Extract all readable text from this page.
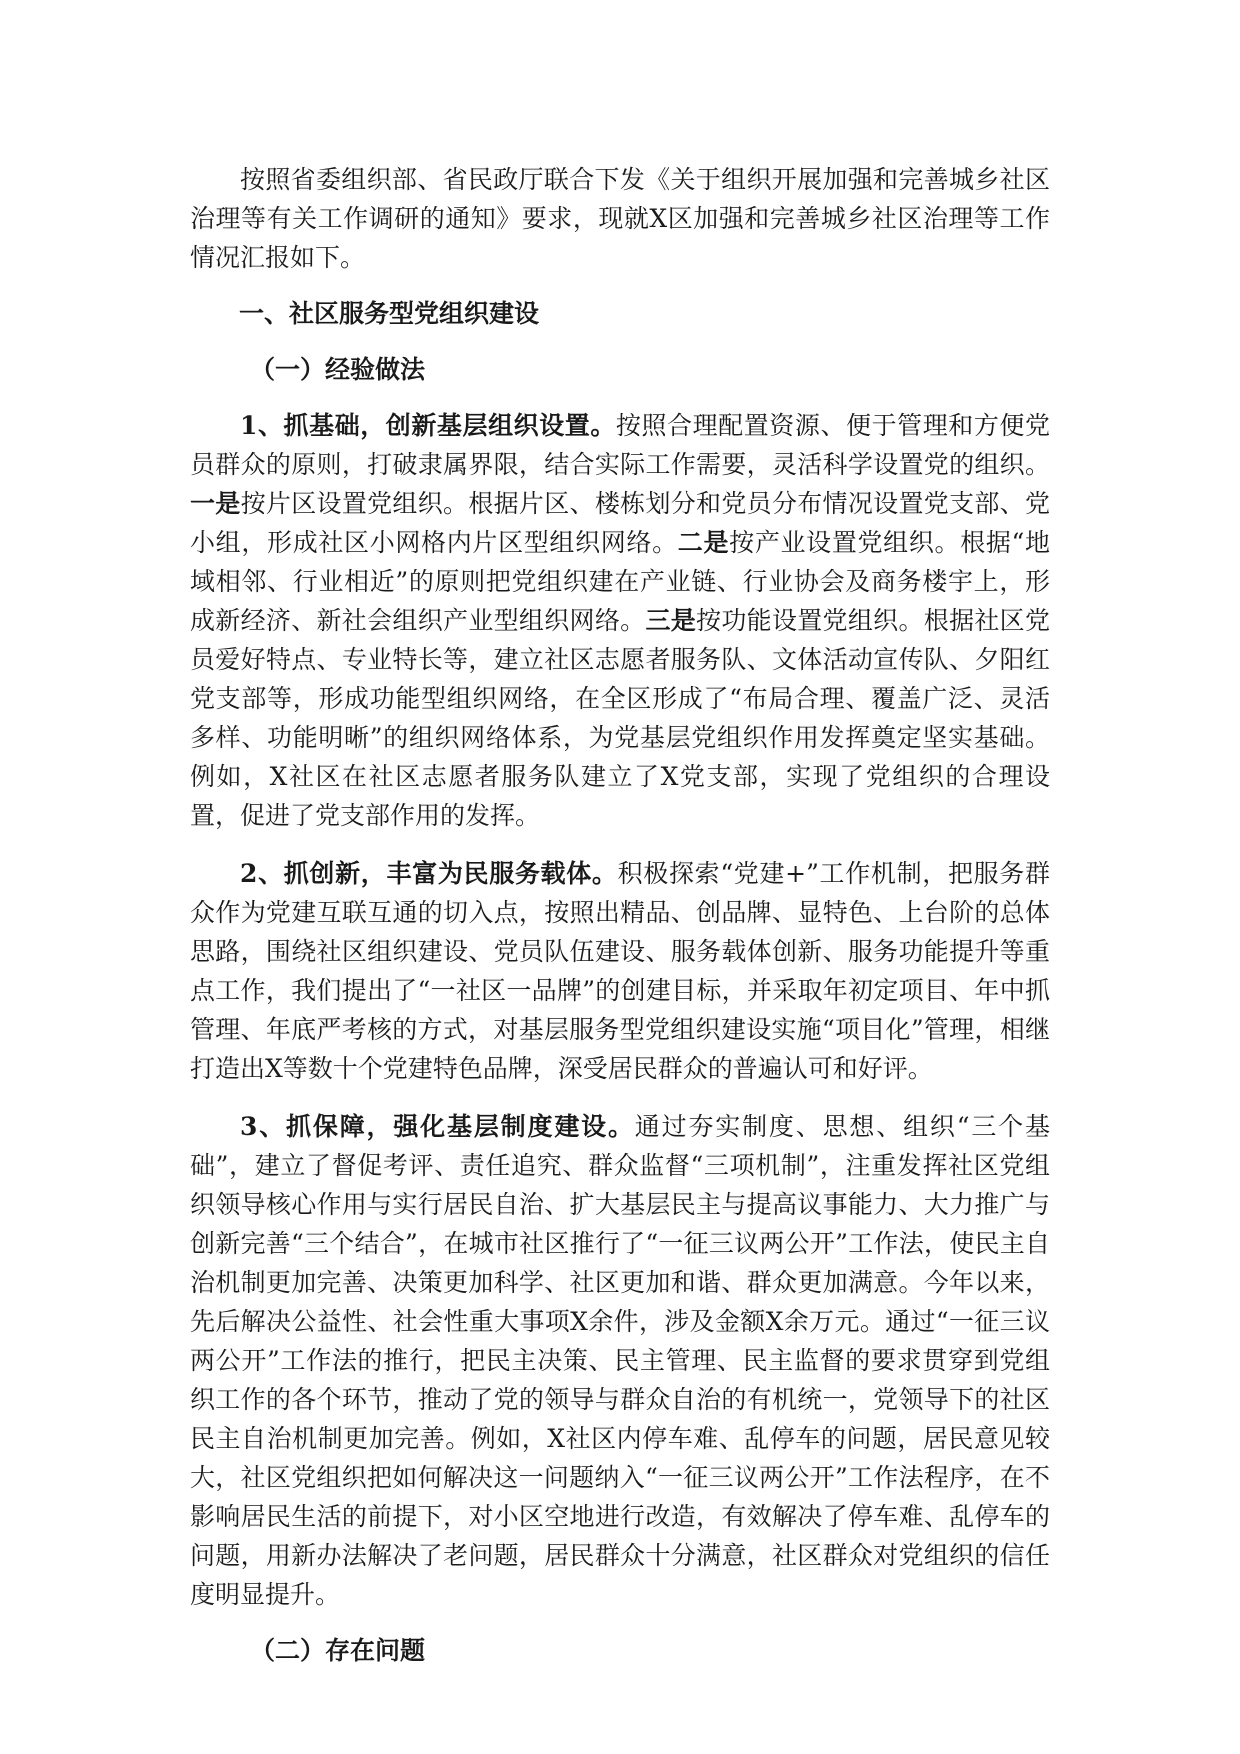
按照省委组织部、省民政厅联合下发《关于组织开展加强和完善城乡社区治理等有关工作调研的通知》要求，现就X区加强和完善城乡社区治理等工作情况汇报如下。

一、社区服务型党组织建设

（一）经验做法

1、抓基础，创新基层组织设置。按照合理配置资源、便于管理和方便党员群众的原则，打破隶属界限，结合实际工作需要，灵活科学设置党的组织。一是按片区设置党组织。根据片区、楼栋划分和党员分布情况设置党支部、党小组，形成社区小网格内片区型组织网络。二是按产业设置党组织。根据“地域相邻、行业相近”的原则把党组织建在产业链、行业协会及商务楼宇上，形成新经济、新社会组织产业型组织网络。三是按功能设置党组织。根据社区党员爱好特点、专业特长等，建立社区志愿者服务队、文体活动宣传队、夕阳红党支部等，形成功能型组织网络，在全区形成了“布局合理、覆盖广泛、灵活多样、功能明晰”的组织网络体系，为党基层党组织作用发挥奠定坚实基础。例如，X社区在社区志愿者服务队建立了X党支部，实现了党组织的合理设置，促进了党支部作用的发挥。

2、抓创新，丰富为民服务载体。积极探索“党建+”工作机制，把服务群众作为党建互联互通的切入点，按照出精品、创品牌、显特色、上台阶的总体思路，围绕社区组织建设、党员队伍建设、服务载体创新、服务功能提升等重点工作，我们提出了“一社区一品牌”的创建目标，并采取年初定项目、年中抓管理、年底严考核的方式，对基层服务型党组织建设实施“项目化”管理，相继打造出X等数十个党建特色品牌，深受居民群众的普遍认可和好评。

3、抓保障，强化基层制度建设。通过夯实制度、思想、组织“三个基础”，建立了督促考评、责任追究、群众监督“三项机制”，注重发挥社区党组织领导核心作用与实行居民自治、扩大基层民主与提高议事能力、大力推广与创新完善“三个结合”，在城市社区推行了“一征三议两公开”工作法，使民主自治机制更加完善、决策更加科学、社区更加和谐、群众更加满意。今年以来，先后解决公益性、社会性重大事项X余件，涉及金额X余万元。通过“一征三议两公开”工作法的推行，把民主决策、民主管理、民主监督的要求贯穿到党组织工作的各个环节，推动了党的领导与群众自治的有机统一，党领导下的社区民主自治机制更加完善。例如，X社区内停车难、乱停车的问题，居民意见较大，社区党组织把如何解决这一问题纳入“一征三议两公开”工作法程序，在不影响居民生活的前提下，对小区空地进行改造，有效解决了停车难、乱停车的问题，用新办法解决了老问题，居民群众十分满意，社区群众对党组织的信任度明显提升。

（二）存在问题
